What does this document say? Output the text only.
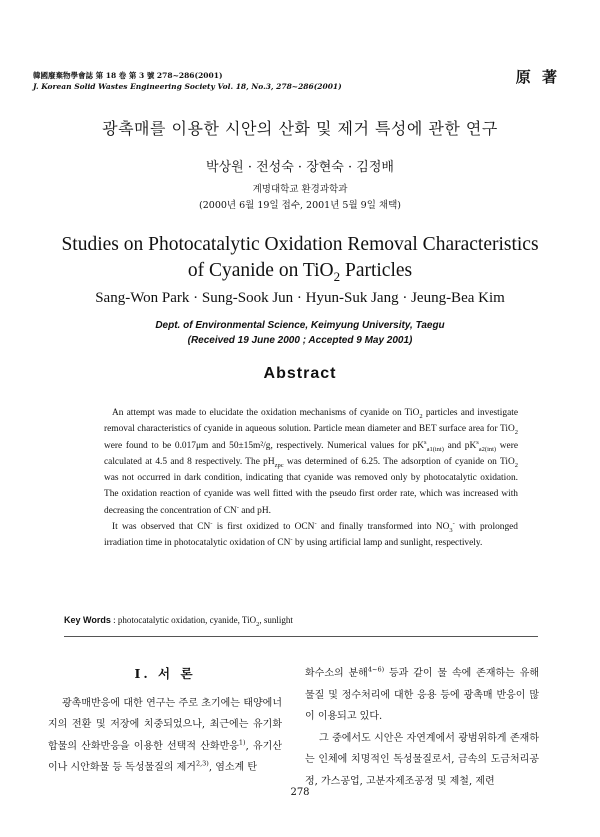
韓國廢棄物學會誌 第 18 卷 第 3 號 278~286(2001)
J. Korean Solid Wastes Engineering Society Vol. 18, No.3, 278~286(2001)
原 著
광촉매를 이용한 시안의 산화 및 제거 특성에 관한 연구
박상원 · 전성숙 · 장현숙 · 김정배
계명대학교 환경과학과
(2000년 6월 19일 접수, 2001년 5월 9일 채택)
Studies on Photocatalytic Oxidation Removal Characteristics
of Cyanide on TiO$_2$ Particles
Sang-Won Park · Sung-Sook Jun · Hyun-Suk Jang · Jeung-Bea Kim
Dept. of Environmental Science, Keimyung University, Taegu
(Received 19 June 2000 ; Accepted 9 May 2001)
Abstract

An attempt was made to elucidate the oxidation mechanisms of cyanide on TiO$_2$ particles and investigate removal characteristics of cyanide in aqueous solution. Particle mean diameter and BET surface area for TiO$_2$ were found to be 0.017μm and 50±15m²/g, respectively. Numerical values for $pK^s_{a1(int)}$ and $pK^s_{a2(int)}$ were calculated at 4.5 and 8 respectively. The $pH_{zpc}$ was determined of 6.25. The adsorption of cyanide on TiO$_2$ was not occurred in dark condition, indicating that cyanide was removed only by photocatalytic oxidation. The oxidation reaction of cyanide was well fitted with the pseudo first order rate, which was increased with decreasing the concentration of CN- and pH.

It was observed that CN- is first oxidized to OCN- and finally transformed into $NO_3^-$ with prolonged irradiation time in photocatalytic oxidation of CN- by using artificial lamp and sunlight, respectively.

Key Words : photocatalytic oxidation, cyanide, TiO$_2$, sunlight
Ⅰ. 서 론

광촉매반응에 대한 연구는 주로 초기에는 태양에너지의 전환 및 저장에 치중되었으나, 최근에는 유기화합물의 산화반응을 이용한 선택적 산화반응$^{1)}$, 유기산이나 시안화물 등 독성물질의 제거$^{2,3)}$, 염소계 탄

화수소의 분해$^{4\sim 6)}$ 등과 같이 물 속에 존재하는 유해 물질 및 정수처리에 대한 응용 등에 광촉매 반응이 많이 이용되고 있다.

그 중에서도 시안은 자연계에서 광범위하게 존재하는 인체에 치명적인 독성물질로서, 금속의 도금처리공정, 가스공업, 고분자제조공정 및 제철, 제련

278
